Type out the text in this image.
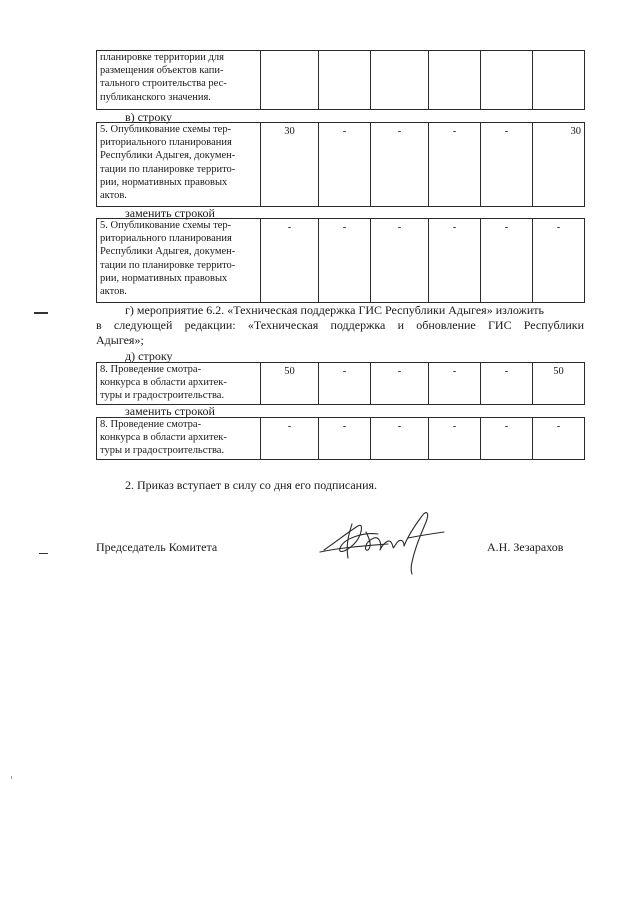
планировке территории для
размещения объектов капи-
тального строительства рес-
публиканского значения.

в) строку
5. Опубликование схемы тер-
риториального планирования
Республики Адыгея, докумен-
тации по планировке террито-
рии, нормативных правовых
актов.
	30	-	-	-	-	30
заменить строкой
5. Опубликование схемы тер-
риториального планирования
Республики Адыгея, докумен-
тации по планировке террито-
рии, нормативных правовых
актов.
	-	-	-	-	-	-
г) мероприятие 6.2. «Техническая поддержка ГИС Республики Адыгея» изложить
в следующей редакции: «Техническая поддержка и обновление ГИС Республики
Адыгея»;
д) строку
8. Проведение смотра-
конкурса в области архитек-
туры и градостроительства.
	50	-	-	-	-	50
заменить строкой
8. Проведение смотра-
конкурса в области архитек-
туры и градостроительства.
	-	-	-	-	-	-
2. Приказ вступает в силу со дня его подписания.
Председатель Комитета	А.Н. Зезарахов
